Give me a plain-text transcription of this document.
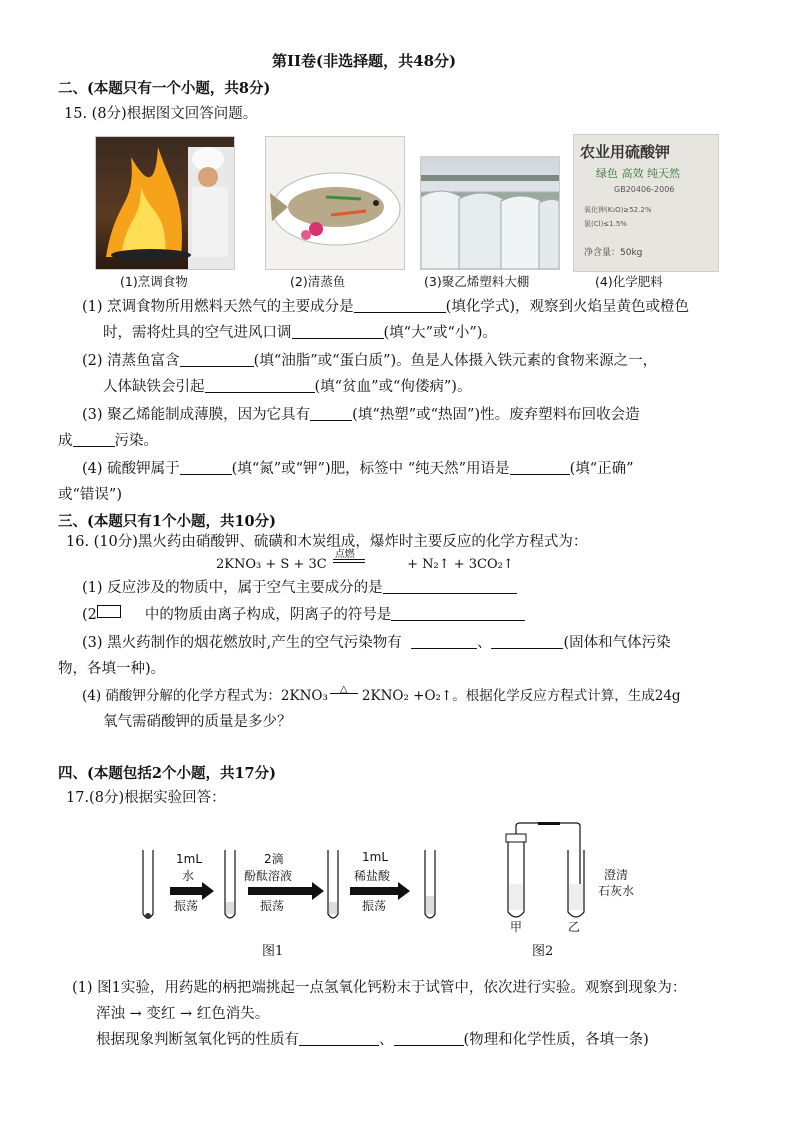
第II卷(非选择题，共48分)
二、(本题只有一个小题，共8分)
15. (8分)根据图文回答问题。
(1)烹调食物	(2)清蒸鱼	(3)聚乙烯塑料大棚
农业用硫酸钾
绿色 高效 纯天然
GB20406-2006
氧化钾(K₂O)≥52.2%
氯(Cl)≤1.5%
净含量：50kg
(4)化学肥料
(1) 烹调食物所用燃料天然气的主要成分是	(填化学式)，观察到火焰呈黄色或橙色
时，需将灶具的空气进风口调	(填“大”或“小”)。
(2) 清蒸鱼富含	(填“油脂”或“蛋白质”)。鱼是人体摄入铁元素的食物来源之一，
人体缺铁会引起	(填“贫血”或“佝偻病”)。
(3) 聚乙烯能制成薄膜，因为它具有	(填“热塑”或“热固”)性。废弃塑料布回收会造
成	污染。
(4) 硫酸钾属于	(填“氮”或“钾”)肥，标签中 “纯天然”用语是	(填“正确”
或“错误”)
三、(本题只有1个小题，共10分)
16. (10分)黑火药由硝酸钾、硫磺和木炭组成，爆炸时主要反应的化学方程式为：
2KNO₃ + S + 3C
点燃
+ N₂↑ + 3CO₂↑
(1) 反应涉及的物质中，属于空气主要成分的是
(2	中的物质由离子构成，阴离子的符号是
(3) 黑火药制作的烟花燃放时,产生的空气污染物有	、	(固体和气体污染
物，各填一种)。
(4) 硝酸钾分解的化学方程式为：2KNO₃ △ 2KNO₂ +O₂↑。根据化学反应方程式计算，生成24g
氧气需硝酸钾的质量是多少？
四、(本题包括2个小题，共17分)
17.(8分)根据实验回答：
1mL
水
振荡
2滴
酚酞溶液
振荡
1mL
稀盐酸
振荡
图1
甲	乙
澄清
石灰水
图2
(1) 图1实验，用药匙的柄把端挑起一点氢氧化钙粉末于试管中，依次进行实验。观察到现象为：
浑浊 → 变红 → 红色消失。
根据现象判断氢氧化钙的性质有	、	(物理和化学性质，各填一条)
